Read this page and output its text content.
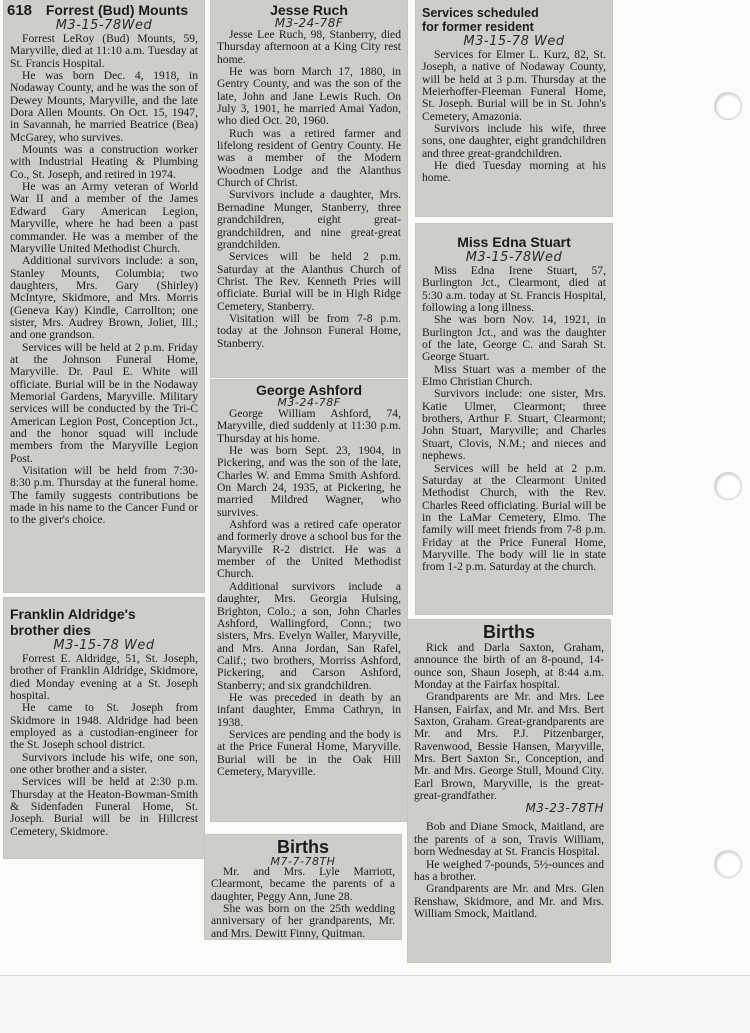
618 Forrest (Bud) Mounts
M3-15-78Wed

Forrest LeRoy (Bud) Mounts, 59, Maryville, died at 11:10 a.m. Tuesday at St. Francis Hospital.

He was born Dec. 4, 1918, in Nodaway County, and he was the son of Dewey Mounts, Maryville, and the late Dora Allen Mounts. On Oct. 15, 1947, in Savannah, he married Beatrice (Bea) McGarey, who survives.

Mounts was a construction worker with Industrial Heating & Plumbing Co., St. Joseph, and retired in 1974.

He was an Army veteran of World War II and a member of the James Edward Gary American Legion, Maryville, where he had been a past commander. He was a member of the Maryville United Methodist Church.

Additional survivors include: a son, Stanley Mounts, Columbia; two daughters, Mrs. Gary (Shirley) McIntyre, Skidmore, and Mrs. Morris (Geneva Kay) Kindle, Carrollton; one sister, Mrs. Audrey Brown, Joliet, Ill.; and one grandson.

Services will be held at 2 p.m. Friday at the Johnson Funeral Home, Maryville. Dr. Paul E. White will officiate. Burial will be in the Nodaway Memorial Gardens, Maryville. Military services will be conducted by the Tri-C American Legion Post, Conception Jct., and the honor squad will include members from the Maryville Legion Post.

Visitation will be held from 7:30-8:30 p.m. Thursday at the funeral home. The family suggests contributions be made in his name to the Cancer Fund or to the giver's choice.

Franklin Aldridge's
brother dies
M3-15-78 Wed

Forrest E. Aldridge, 51, St. Joseph, brother of Franklin Aldridge, Skidmore, died Monday evening at a St. Joseph hospital.

He came to St. Joseph from Skidmore in 1948. Aldridge had been employed as a custodian-engineer for the St. Joseph school district.

Survivors include his wife, one son, one other brother and a sister.

Services will be held at 2:30 p.m. Thursday at the Heaton-Bowman-Smith & Sidenfaden Funeral Home, St. Joseph. Burial will be in Hillcrest Cemetery, Skidmore.

Jesse Ruch
M3-24-78F

Jesse Lee Ruch, 98, Stanberry, died Thursday afternoon at a King City rest home.

He was born March 17, 1880, in Gentry County, and was the son of the late, John and Jane Lewis Ruch. On July 3, 1901, he married Amai Yadon, who died Oct. 20, 1960.

Ruch was a retired farmer and lifelong resident of Gentry County. He was a member of the Modern Woodmen Lodge and the Alanthus Church of Christ.

Survivors include a daughter, Mrs. Bernadine Munger, Stanberry, three grandchildren, eight great-grandchildren, and nine great-great grandchilden.

Services will be held 2 p.m. Saturday at the Alanthus Church of Christ. The Rev. Kenneth Pries will officiate. Burial will be in High Ridge Cemetery, Stanberry.

Visitation will be from 7-8 p.m. today at the Johnson Funeral Home, Stanberry.

George Ashford
M3-24-78F

George William Ashford, 74, Maryville, died suddenly at 11:30 p.m. Thursday at his home.

He was born Sept. 23, 1904, in Pickering, and was the son of the late, Charles W. and Emma Smith Ashford. On March 24, 1935, at Pickering, he married Mildred Wagner, who survives.

Ashford was a retired cafe operator and formerly drove a school bus for the Maryville R-2 district. He was a member of the United Methodist Church.

Additional survivors include a daughter, Mrs. Georgia Hulsing, Brighton, Colo.; a son, John Charles Ashford, Wallingford, Conn.; two sisters, Mrs. Evelyn Waller, Maryville, and Mrs. Anna Jordan, San Rafel, Calif.; two brothers, Morriss Ashford, Pickering, and Carson Ashford, Stanberry; and six grandchildren.

He was preceded in death by an infant daughter, Emma Cathryn, in 1938.

Services are pending and the body is at the Price Funeral Home, Maryville. Burial will be in the Oak Hill Cemetery, Maryville.

Births
M7-7-78TH

Mr. and Mrs. Lyle Marriott, Clearmont, became the parents of a daughter, Peggy Ann, June 28.

She was born on the 25th wedding anniversary of her grandparents, Mr. and Mrs. Dewitt Finny, Quitman.

Services scheduled
for former resident
M3-15-78 Wed

Services for Elmer L. Kurz, 82, St. Joseph, a native of Nodaway County, will be held at 3 p.m. Thursday at the Meierhoffer-Fleeman Funeral Home, St. Joseph. Burial will be in St. John's Cemetery, Amazonia.

Survivors include his wife, three sons, one daughter, eight grandchildren and three great-grandchildren.

He died Tuesday morning at his home.

Miss Edna Stuart
M3-15-78Wed

Miss Edna Irene Stuart, 57, Burlington Jct., Clearmont, died at 5:30 a.m. today at St. Francis Hospital, following a long illness.

She was born Nov. 14, 1921, in Burlington Jct., and was the daughter of the late, George C. and Sarah St. George Stuart.

Miss Stuart was a member of the Elmo Christian Church.

Survivors include: one sister, Mrs. Katie Ulmer, Clearmont; three brothers, Arthur F. Stuart, Clearmont; John Stuart, Maryville; and Charles Stuart, Clovis, N.M.; and nieces and nephews.

Services will be held at 2 p.m. Saturday at the Clearmont United Methodist Church, with the Rev. Charles Reed officiating. Burial will be in the LaMar Cemetery, Elmo. The family will meet friends from 7-8 p.m. Friday at the Price Funeral Home, Maryville. The body will lie in state from 1-2 p.m. Saturday at the church.

Births

Rick and Darla Saxton, Graham, announce the birth of an 8-pound, 14-ounce son, Shaun Joseph, at 8:44 a.m. Monday at the Fairfax hospital.

Grandparents are Mr. and Mrs. Lee Hansen, Fairfax, and Mr. and Mrs. Bert Saxton, Graham. Great-grandparents are Mr. and Mrs. P.J. Pitzenbarger, Ravenwood, Bessie Hansen, Maryville, Mrs. Bert Saxton Sr., Conception, and Mr. and Mrs. George Stull, Mound City. Earl Brown, Maryville, is the great-great-grandfather.

M3-23-78TH

Bob and Diane Smock, Maitland, are the parents of a son, Travis William, born Wednesday at St. Francis Hospital.

He weighed 7-pounds, 5½-ounces and has a brother.

Grandparents are Mr. and Mrs. Glen Renshaw, Skidmore, and Mr. and Mrs. William Smock, Maitland.
